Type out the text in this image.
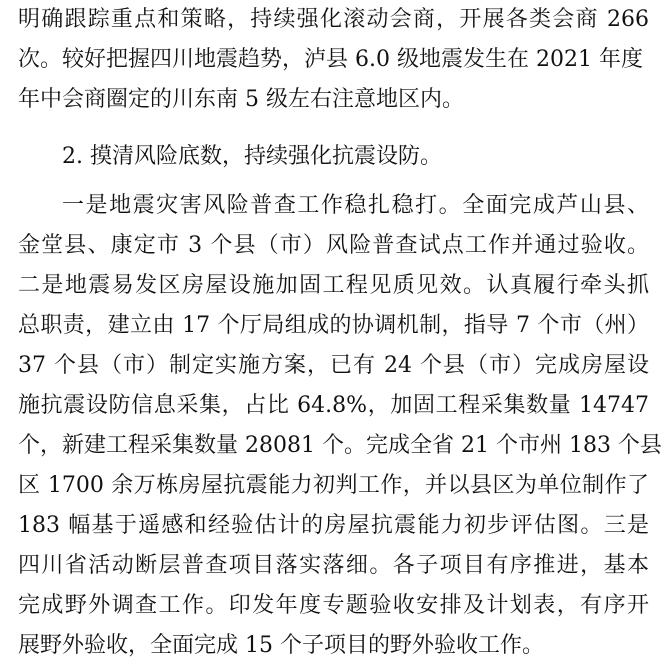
明确跟踪重点和策略，持续强化滚动会商，开展各类会商 266
次。较好把握四川地震趋势，泸县 6.0 级地震发生在 2021 年度
年中会商圈定的川东南 5 级左右注意地区内。
2. 摸清风险底数，持续强化抗震设防。
一是地震灾害风险普查工作稳扎稳打。全面完成芦山县、
金堂县、康定市 3 个县（市）风险普查试点工作并通过验收。
二是地震易发区房屋设施加固工程见质见效。认真履行牵头抓
总职责，建立由 17 个厅局组成的协调机制，指导 7 个市（州）
37 个县（市）制定实施方案，已有 24 个县（市）完成房屋设
施抗震设防信息采集，占比 64.8%，加固工程采集数量 14747
个，新建工程采集数量 28081 个。完成全省 21 个市州 183 个县
区 1700 余万栋房屋抗震能力初判工作，并以县区为单位制作了
183 幅基于遥感和经验估计的房屋抗震能力初步评估图。三是
四川省活动断层普查项目落实落细。各子项目有序推进，基本
完成野外调查工作。印发年度专题验收安排及计划表，有序开
展野外验收，全面完成 15 个子项目的野外验收工作。
